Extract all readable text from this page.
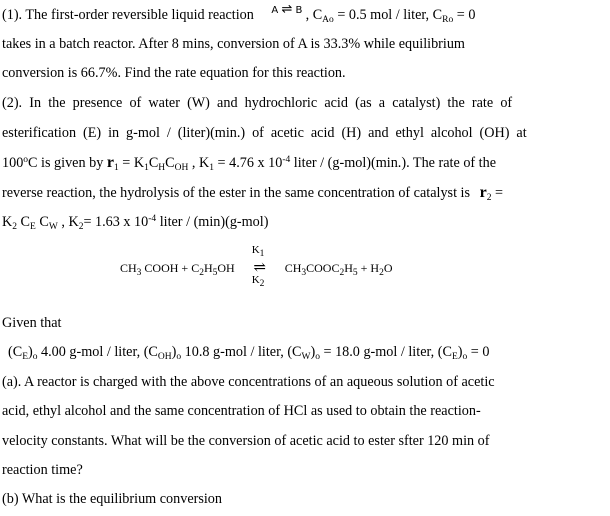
(1). The first-order reversible liquid reaction $^{A \rightleftharpoons B}$ , $C_{Ao} = 0.5$ mol / liter, $C_{Ro} = 0$
takes in a batch reactor. After 8 mins, conversion of A is 33.3% while equilibrium
conversion is 66.7%. Find the rate equation for this reaction.
(2). In the presence of water (W) and hydrochloric acid (as a catalyst) the rate of
esterification (E) in g-mol / (liter)(min.) of acetic acid (H) and ethyl alcohol (OH) at
100$^o$C is given by $r_1 = K_1C_HC_{OH}$ , $K_1 = 4.76$ x $10^{-4}$ liter / (g-mol)(min.). The rate of the
reverse reaction, the hydrolysis of the ester in the same concentration of catalyst is $r_2$ =
$K_2$ $C_E$ $C_W$ , $K_2= 1.63$ x $10^{-4}$ liter / (min)(g-mol)
$CH_3$ COOH + $C_2H_5OH$
$K_1$
⇌
$K_2$
$CH_3COOC_2H_5 + H_2O$
Given that
$(C_E)_o$ 4.00 g-mol / liter, $(C_{OH})_o$ 10.8 g-mol / liter, $(C_W)_o = 18.0$ g-mol / liter, $(C_E)_o = 0$
(a). A reactor is charged with the above concentrations of an aqueous solution of acetic
acid, ethyl alcohol and the same concentration of HCl as used to obtain the reaction-
velocity constants. What will be the conversion of acetic acid to ester sfter 120 min of
reaction time?
(b) What is the equilibrium conversion
